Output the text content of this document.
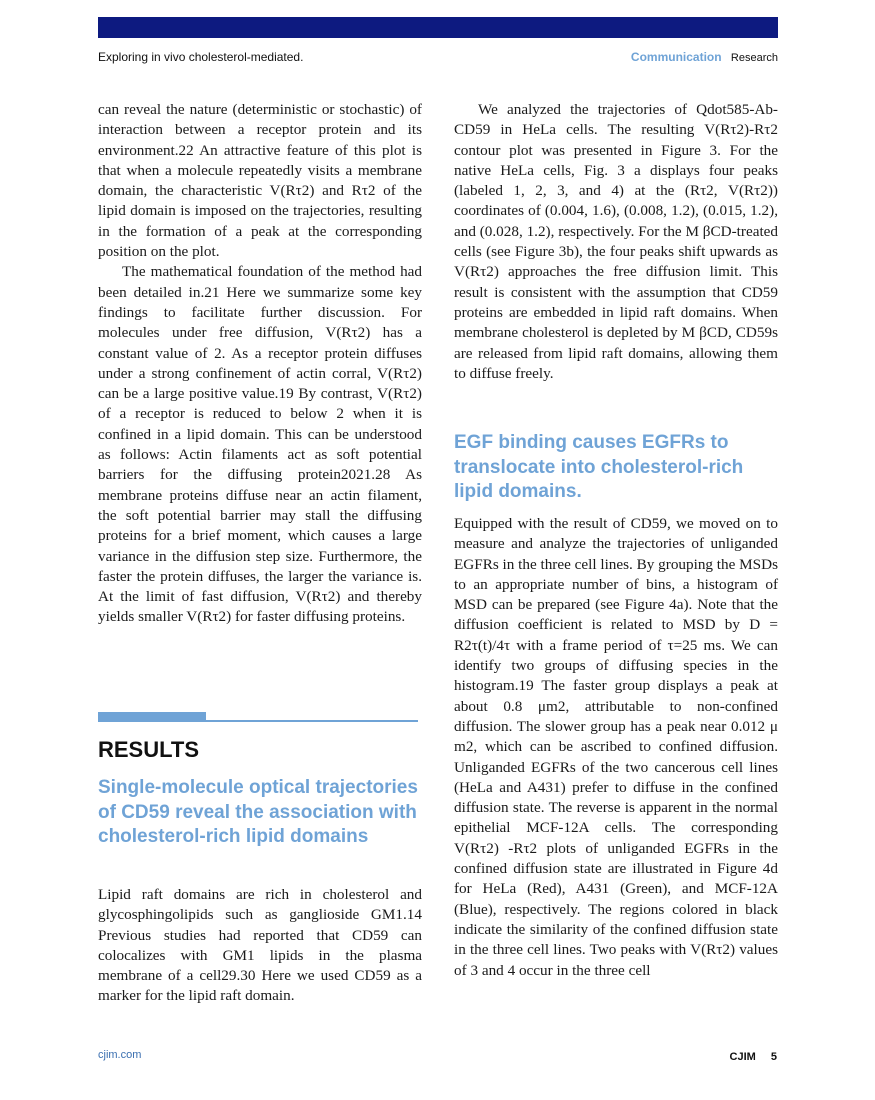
Exploring in vivo cholesterol-mediated.	Communication Research

can reveal the nature (deterministic or stochastic) of interaction between a receptor protein and its environment.22 An attractive feature of this plot is that when a molecule repeatedly visits a membrane domain, the characteristic V(Rτ2) and Rτ2 of the lipid domain is imposed on the trajectories, resulting in the formation of a peak at the corresponding position on the plot.

The mathematical foundation of the method had been detailed in.21 Here we summarize some key findings to facilitate further discussion. For molecules under free diffusion, V(Rτ2) has a constant value of 2. As a receptor protein diffuses under a strong confinement of actin corral, V(Rτ2) can be a large positive value.19 By contrast, V(Rτ2) of a receptor is reduced to below 2 when it is confined in a lipid domain. This can be understood as follows: Actin filaments act as soft potential barriers for the diffusing protein2021.28 As membrane proteins diffuse near an actin filament, the soft potential barrier may stall the diffusing proteins for a brief moment, which causes a large variance in the diffusion step size. Furthermore, the faster the protein diffuses, the larger the variance is. At the limit of fast diffusion, V(Rτ2) and thereby yields smaller V(Rτ2) for faster diffusing proteins.

RESULTS
Single-molecule optical trajectories of CD59 reveal the association with cholesterol-rich lipid domains

Lipid raft domains are rich in cholesterol and glycosphingolipids such as ganglioside GM1.14 Previous studies had reported that CD59 can colocalizes with GM1 lipids in the plasma membrane of a cell29.30 Here we used CD59 as a marker for the lipid raft domain.

We analyzed the trajectories of Qdot585-Ab-CD59 in HeLa cells. The resulting V(Rτ2)-Rτ2 contour plot was presented in Figure 3. For the native HeLa cells, Fig. 3 a displays four peaks (labeled 1, 2, 3, and 4) at the (Rτ2, V(Rτ2)) coordinates of (0.004, 1.6), (0.008, 1.2), (0.015, 1.2), and (0.028, 1.2), respectively. For the M βCD-treated cells (see Figure 3b), the four peaks shift upwards as V(Rτ2) approaches the free diffusion limit. This result is consistent with the assumption that CD59 proteins are embedded in lipid raft domains. When membrane cholesterol is depleted by M βCD, CD59s are released from lipid raft domains, allowing them to diffuse freely.

EGF binding causes EGFRs to translocate into cholesterol-rich lipid domains.

Equipped with the result of CD59, we moved on to measure and analyze the trajectories of unliganded EGFRs in the three cell lines. By grouping the MSDs to an appropriate number of bins, a histogram of MSD can be prepared (see Figure 4a). Note that the diffusion coefficient is related to MSD by D = R2τ(t)/4τ with a frame period of τ=25 ms. We can identify two groups of diffusing species in the histogram.19 The faster group displays a peak at about 0.8 μm2, attributable to non-confined diffusion. The slower group has a peak near 0.012 μ m2, which can be ascribed to confined diffusion. Unliganded EGFRs of the two cancerous cell lines (HeLa and A431) prefer to diffuse in the confined diffusion state. The reverse is apparent in the normal epithelial MCF-12A cells. The corresponding V(Rτ2) -Rτ2 plots of unliganded EGFRs in the confined diffusion state are illustrated in Figure 4d for HeLa (Red), A431 (Green), and MCF-12A (Blue), respectively. The regions colored in black indicate the similarity of the confined diffusion state in the three cell lines. Two peaks with V(Rτ2) values of 3 and 4 occur in the three cell

cjim.com	CJIM 5
